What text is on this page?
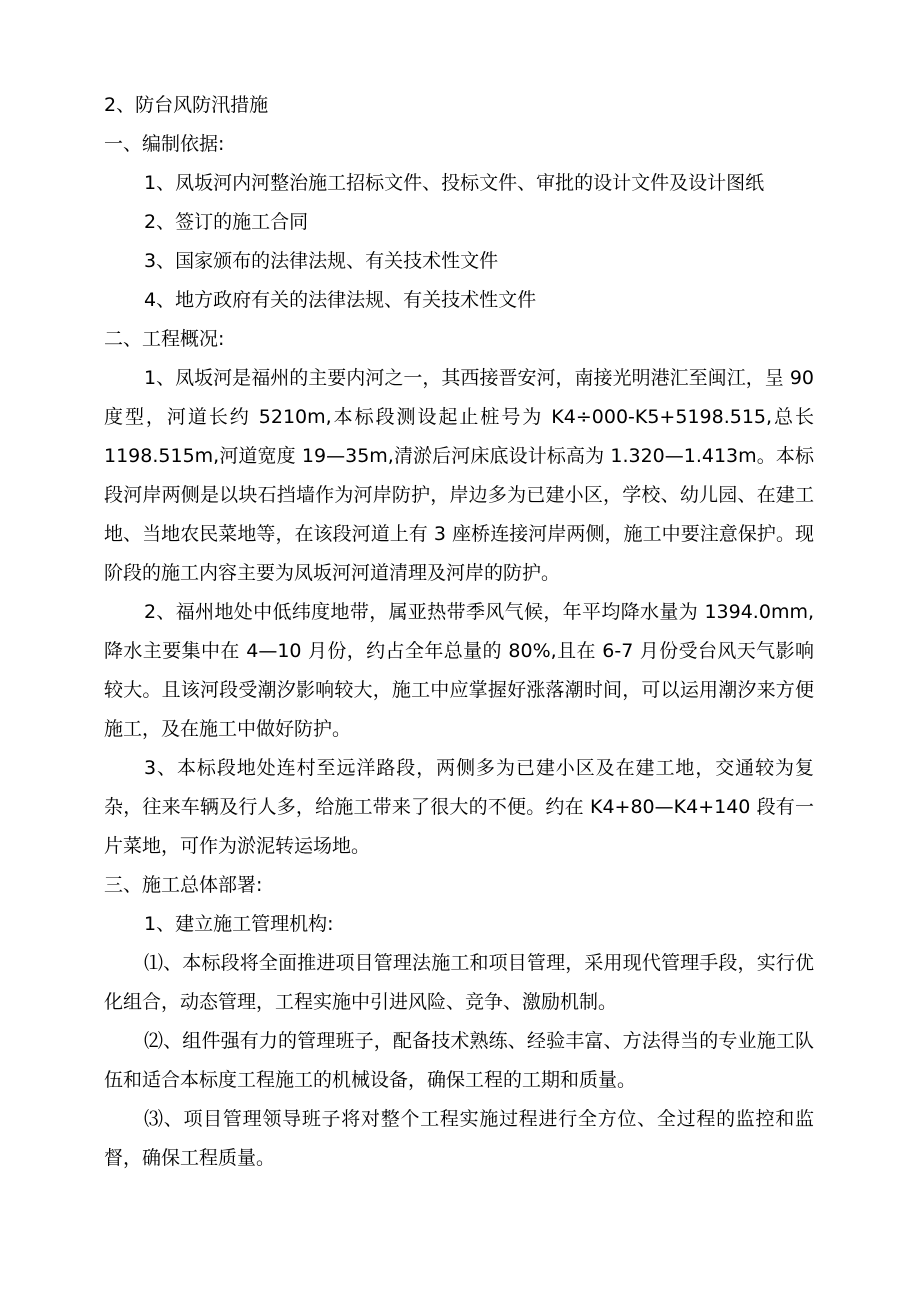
2、防台风防汛措施
一、编制依据:
1、凤坂河内河整治施工招标文件、投标文件、审批的设计文件及设计图纸
2、签订的施工合同
3、国家颁布的法律法规、有关技术性文件
4、地方政府有关的法律法规、有关技术性文件
二、工程概况:
1、凤坂河是福州的主要内河之一，其西接晋安河，南接光明港汇至闽江，呈 90 度型，河道长约 5210m,本标段测设起止桩号为 K4÷000-K5+5198.515,总长 1198.515m,河道宽度 19—35m,清淤后河床底设计标高为 1.320—1.413m。本标段河岸两侧是以块石挡墙作为河岸防护，岸边多为已建小区，学校、幼儿园、在建工地、当地农民菜地等，在该段河道上有 3 座桥连接河岸两侧，施工中要注意保护。现阶段的施工内容主要为凤坂河河道清理及河岸的防护。
2、福州地处中低纬度地带，属亚热带季风气候，年平均降水量为 1394.0mm,降水主要集中在 4—10 月份，约占全年总量的 80%,且在 6-7 月份受台风天气影响较大。且该河段受潮汐影响较大，施工中应掌握好涨落潮时间，可以运用潮汐来方便施工，及在施工中做好防护。
3、本标段地处连村至远洋路段，两侧多为已建小区及在建工地，交通较为复杂，往来车辆及行人多，给施工带来了很大的不便。约在 K4+80—K4+140 段有一片菜地，可作为淤泥转运场地。
三、施工总体部署:
1、建立施工管理机构:
⑴、本标段将全面推进项目管理法施工和项目管理，采用现代管理手段，实行优化组合，动态管理，工程实施中引进风险、竞争、激励机制。
⑵、组件强有力的管理班子，配备技术熟练、经验丰富、方法得当的专业施工队伍和适合本标度工程施工的机械设备，确保工程的工期和质量。
⑶、项目管理领导班子将对整个工程实施过程进行全方位、全过程的监控和监督，确保工程质量。
